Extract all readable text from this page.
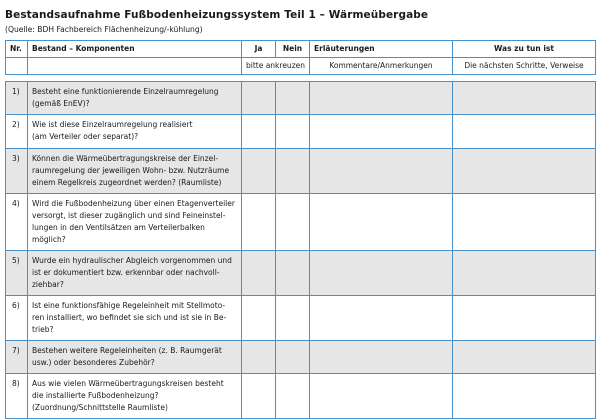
Bestandsaufnahme Fußbodenheizungssystem Teil 1 – Wärmeübergabe
(Quelle: BDH Fachbereich Flächenheizung/-kühlung)
Nr.	Bestand – Komponenten	Ja	Nein	Erläuterungen	Was zu tun ist
		bitte ankreuzen		Kommentare/Anmerkungen	Die nächsten Schritte, Verweise

1)	Besteht eine funktionierende Einzelraumregelung
(gemäß EnEV)?				

2)	Wie ist diese Einzelraumregelung realisiert
(am Verteiler oder separat)?				

3)	Können die Wärmeübertragungskreise der Einzel-
raumregelung der jeweiligen Wohn- bzw. Nutzräume
einem Regelkreis zugeordnet werden? (Raumliste)				

4)	Wird die Fußbodenheizung über einen Etagenverteiler
versorgt, ist dieser zugänglich und sind Feineinstel-
lungen in den Ventilsätzen am Verteilerbalken
möglich?				

5)	Wurde ein hydraulischer Abgleich vorgenommen und
ist er dokumentiert bzw. erkennbar oder nachvoll-
ziehbar?				

6)	Ist eine funktionsfähige Regeleinheit mit Stellmoto-
ren installiert, wo befindet sie sich und ist sie in Be-
trieb?				

7)	Bestehen weitere Regeleinheiten (z. B. Raumgerät
usw.) oder besonderes Zubehör?				

8)	Aus wie vielen Wärmeübertragungskreisen besteht
die installierte Fußbodenheizung?
(Zuordnung/Schnittstelle Raumliste)				
